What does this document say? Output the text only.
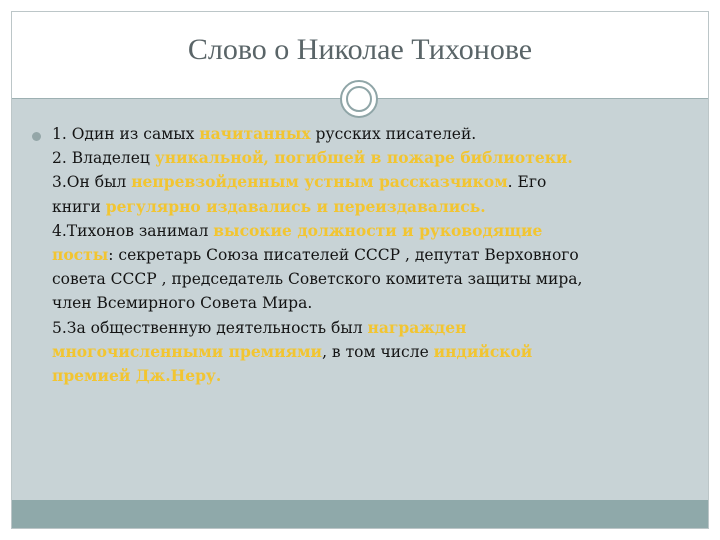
Слово о Николае Тихонове
1. Один из самых начитанных русских писателей.
2. Владелец уникальной, погибшей в пожаре библиотеки.
3.Он был непревзойденным устным рассказчиком. Его
книги регулярно издавались и переиздавались.
4.Тихонов занимал высокие должности и руководящие
посты: секретарь Союза писателей СССР , депутат Верховного
совета СССР , председатель Советского комитета защиты мира,
член Всемирного Совета Мира.
5.За общественную деятельность был награжден
многочисленными премиями, в том числе индийской
премией Дж.Неру.
